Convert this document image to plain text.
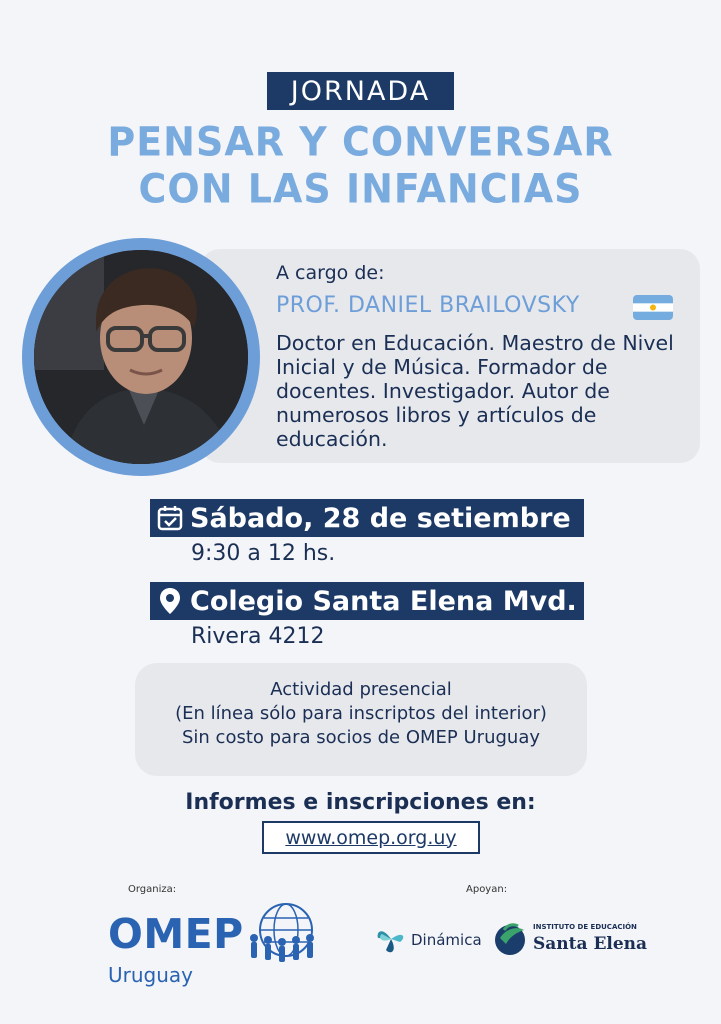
JORNADA
PENSAR Y CONVERSAR
CON LAS INFANCIAS
A cargo de:
PROF. DANIEL BRAILOVSKY
Doctor en Educación. Maestro de Nivel Inicial y de Música. Formador de docentes. Investigador. Autor de numerosos libros y artículos de educación.
Sábado, 28 de setiembre
9:30 a 12 hs.
Colegio Santa Elena Mvd.
Rivera 4212
Actividad presencial
(En línea sólo para inscriptos del interior)
Sin costo para socios de OMEP Uruguay
Informes e inscripciones en:
www.omep.org.uy
Organiza:	Apoyan:
OMEP
Uruguay
Dinámica
INSTITUTO DE EDUCACIÓN
Santa Elena
